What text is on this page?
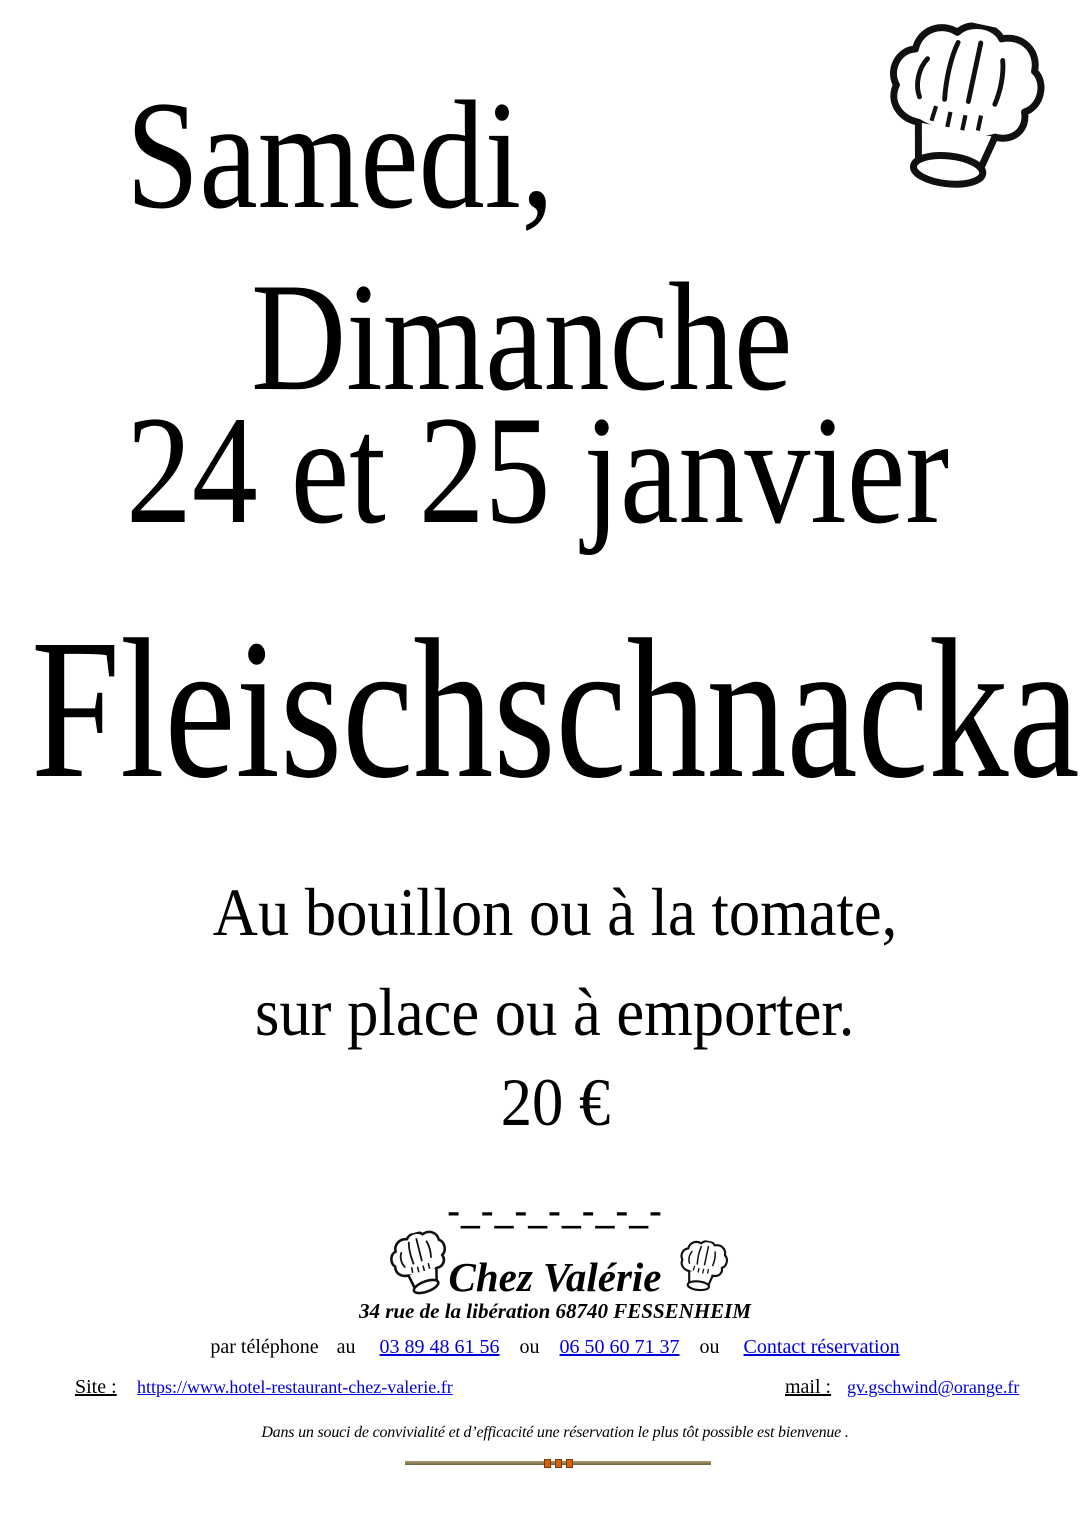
Samedi,
Dimanche
24 et 25 janvier
Fleischschnacka
Au bouillon ou à la tomate,
sur place ou à emporter.
20 €
-_-_-_-_-_-_-
Chez Valérie
34 rue de la libération 68740 FESSENHEIM
par téléphone au 03 89 48 61 56 ou 06 50 60 71 37 ou Contact réservation
Site : https://www.hotel-restaurant-chez-valerie.fr	mail : gv.gschwind@orange.fr
Dans un souci de convivialité et d’efficacité une réservation le plus tôt possible est bienvenue .
